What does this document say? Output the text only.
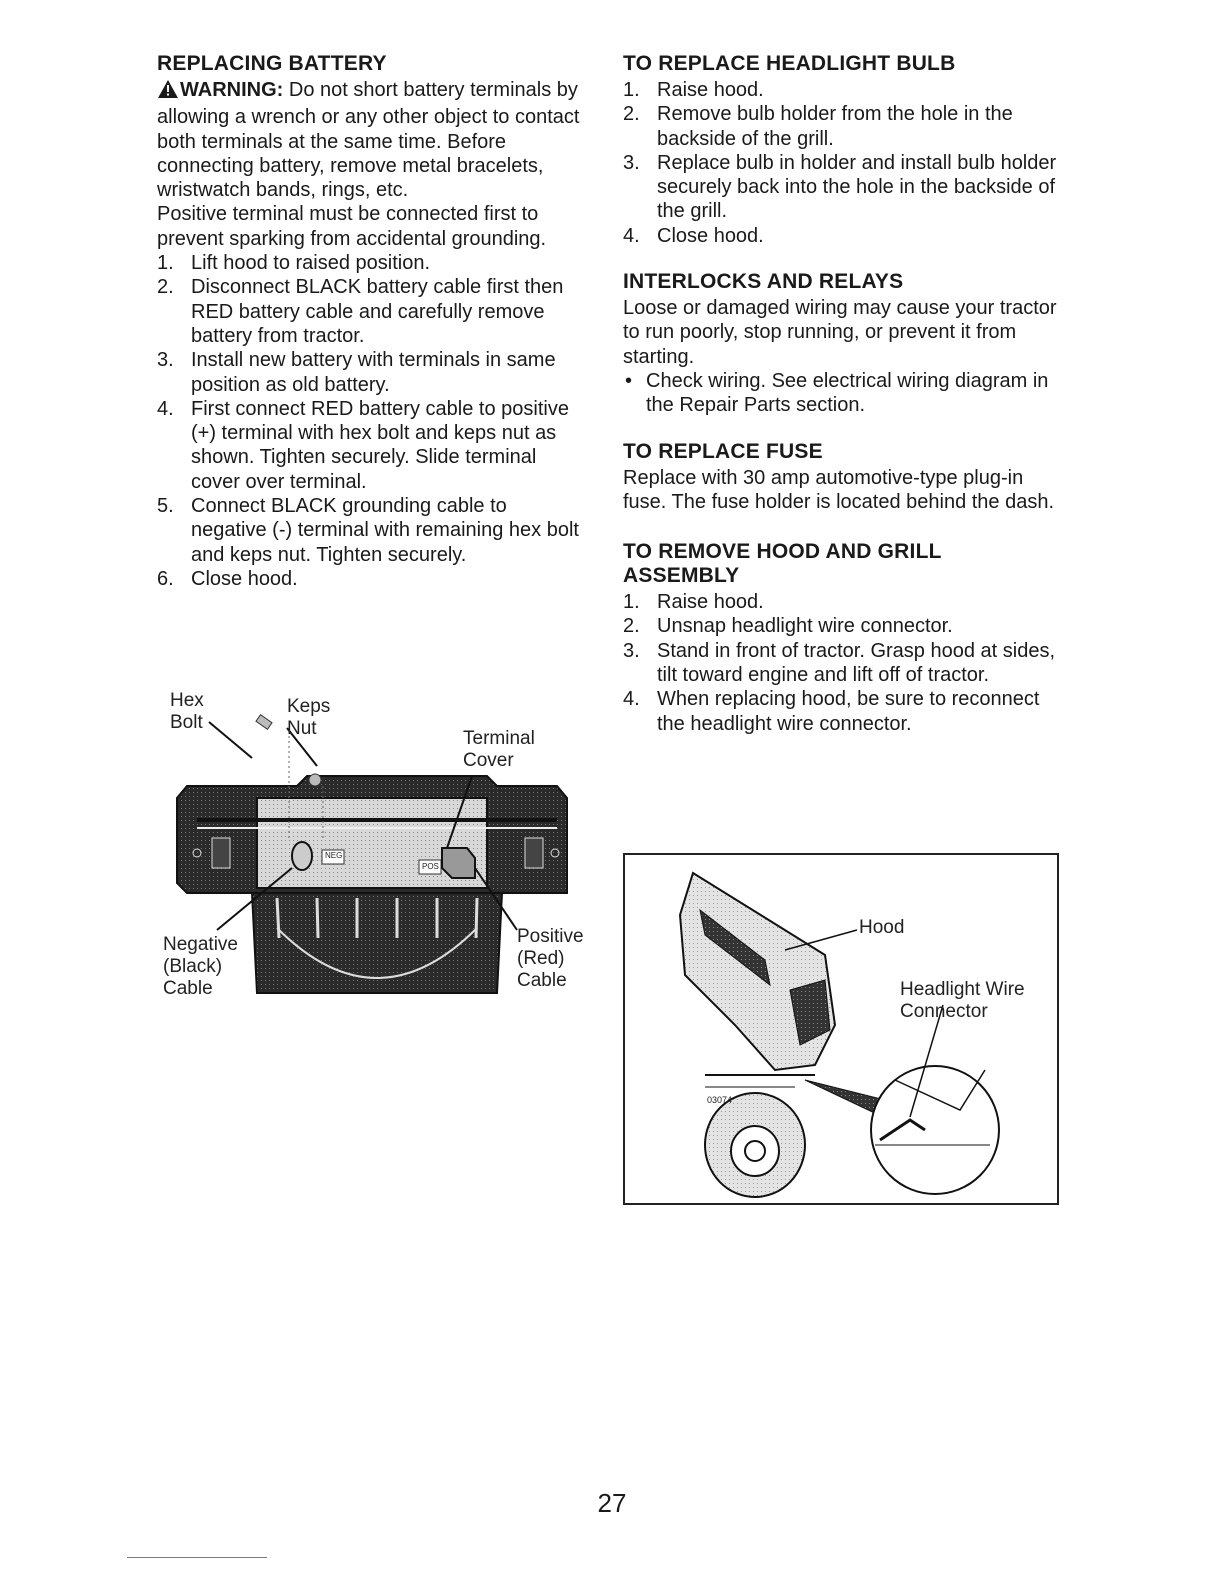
REPLACING BATTERY

WARNING: Do not short battery terminals by allowing a wrench or any other object to contact both terminals at the same time. Before connecting battery, remove metal bracelets, wristwatch bands, rings, etc.

Positive terminal must be connected first to prevent sparking from accidental grounding.

1. Lift hood to raised position.
2. Disconnect BLACK battery cable first then RED battery cable and carefully remove battery from tractor.
3. Install new battery with terminals in same position as old battery.
4. First connect RED battery cable to positive (+) terminal with hex bolt and keps nut as shown. Tighten securely. Slide terminal cover over terminal.
5. Connect BLACK grounding cable to negative (-) terminal with remaining hex bolt and keps nut. Tighten securely.
6. Close hood.
Hex
Bolt
Keps
Nut	Terminal
Cover
Negative
(Black)
Cable
Positive
(Red)
Cable
NEG
POS
TO REPLACE HEADLIGHT BULB
1. Raise hood.
2. Remove bulb holder from the hole in the backside of the grill.
3. Replace bulb in holder and install bulb holder securely back into the hole in the backside of the grill.
4. Close hood.
INTERLOCKS AND RELAYS

Loose or damaged wiring may cause your tractor to run poorly, stop running, or prevent it from starting.

• Check wiring. See electrical wiring diagram in the Repair Parts section.
TO REPLACE FUSE

Replace with 30 amp automotive-type plug-in fuse. The fuse holder is located behind the dash.

TO REMOVE HOOD AND GRILL ASSEMBLY
1. Raise hood.
2. Unsnap headlight wire connector.
3. Stand in front of tractor. Grasp hood at sides, tilt toward engine and lift off of tractor.
4. When replacing hood, be sure to reconnect the headlight wire connector.
Hood
Headlight Wire
Connector
03074
27
